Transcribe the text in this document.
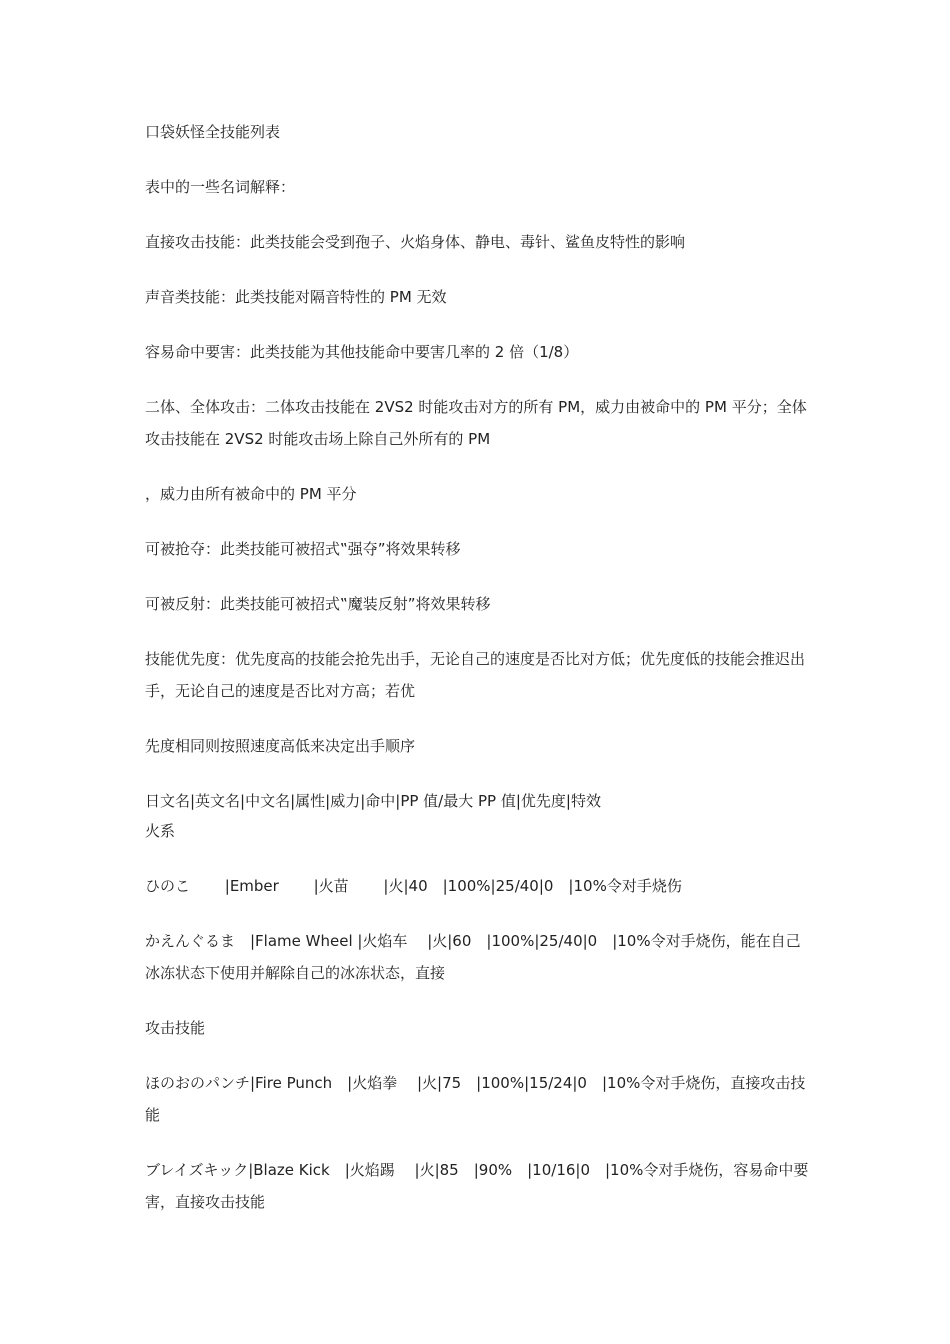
口袋妖怪全技能列表

表中的一些名词解释：

直接攻击技能：此类技能会受到孢子、火焰身体、静电、毒针、鲨鱼皮特性的影响

声音类技能：此类技能对隔音特性的 PM 无效

容易命中要害：此类技能为其他技能命中要害几率的 2 倍（1/8）

二体、全体攻击：二体攻击技能在 2VS2 时能攻击对方的所有 PM，威力由被命中的 PM 平分；全体攻击技能在 2VS2 时能攻击场上除自己外所有的 PM

，威力由所有被命中的 PM 平分

可被抢夺：此类技能可被招式‟强夺”将效果转移

可被反射：此类技能可被招式‟魔装反射”将效果转移

技能优先度：优先度高的技能会抢先出手，无论自己的速度是否比对方低；优先度低的技能会推迟出手，无论自己的速度是否比对方高；若优

先度相同则按照速度高低来决定出手顺序

日文名|英文名|中文名|属性|威力|命中|PP 值/最大 PP 值|优先度|特效

火系

ひのこ　　 |Ember　　 |火苗　　 |火|40　|100%|25/40|0　|10%令对手烧伤

かえんぐるま　|Flame Wheel |火焰车　 |火|60　|100%|25/40|0　|10%令对手烧伤，能在自己冰冻状态下使用并解除自己的冰冻状态，直接

攻击技能

ほのおのパンチ|Fire Punch　|火焰拳　 |火|75　|100%|15/24|0　|10%令对手烧伤，直接攻击技能

ブレイズキック|Blaze Kick　|火焰踢　 |火|85　|90%　|10/16|0　|10%令对手烧伤，容易命中要害，直接攻击技能
